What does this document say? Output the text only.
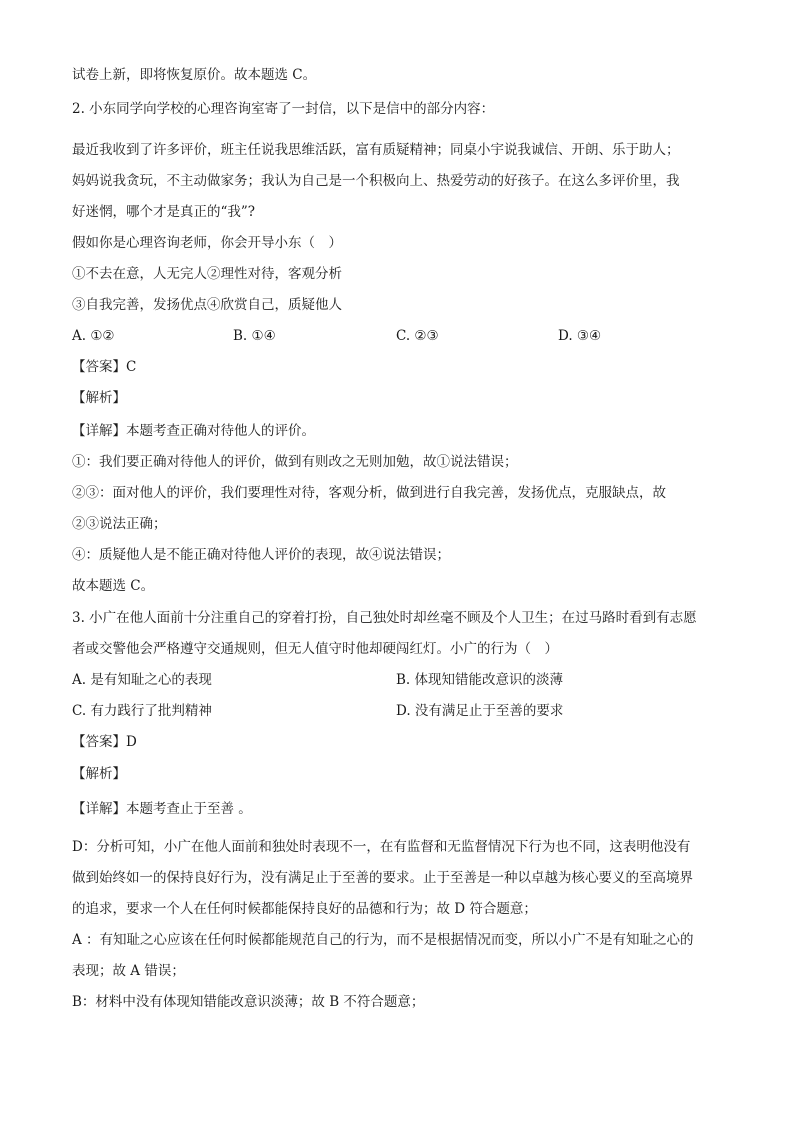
试卷上新，即将恢复原价。故本题选 C。
2. 小东同学向学校的心理咨询室寄了一封信，以下是信中的部分内容：
最近我收到了许多评价，班主任说我思维活跃，富有质疑精神；同桌小宇说我诚信、开朗、乐于助人；
妈妈说我贪玩，不主动做家务；我认为自己是一个积极向上、热爱劳动的好孩子。在这么多评价里，我
好迷惘，哪个才是真正的“我”?
假如你是心理咨询老师，你会开导小东（　）
①不去在意，人无完人②理性对待，客观分析
③自我完善，发扬优点④欣赏自己，质疑他人
A. ①②	B. ①④	C. ②③	D. ③④
【答案】C
【解析】
【详解】本题考查正确对待他人的评价。
①：我们要正确对待他人的评价，做到有则改之无则加勉，故①说法错误；
②③：面对他人的评价，我们要理性对待，客观分析，做到进行自我完善，发扬优点，克服缺点，故
②③说法正确；
④：质疑他人是不能正确对待他人评价的表现，故④说法错误；
故本题选 C。
3. 小广在他人面前十分注重自己的穿着打扮，自己独处时却丝毫不顾及个人卫生；在过马路时看到有志愿
者或交警他会严格遵守交通规则，但无人值守时他却硬闯红灯。小广的行为（　）
A. 是有知耻之心的表现	B. 体现知错能改意识的淡薄
C. 有力践行了批判精神	D. 没有满足止于至善的要求
【答案】D
【解析】
【详解】本题考查止于至善 。
D：分析可知，小广在他人面前和独处时表现不一，在有监督和无监督情况下行为也不同，这表明他没有
做到始终如一的保持良好行为，没有满足止于至善的要求。止于至善是一种以卓越为核心要义的至高境界
的追求，要求一个人在任何时候都能保持良好的品德和行为；故 D 符合题意；
A ：有知耻之心应该在任何时候都能规范自己的行为，而不是根据情况而变，所以小广不是有知耻之心的
表现；故 A 错误；
B：材料中没有体现知错能改意识淡薄；故 B 不符合题意；
